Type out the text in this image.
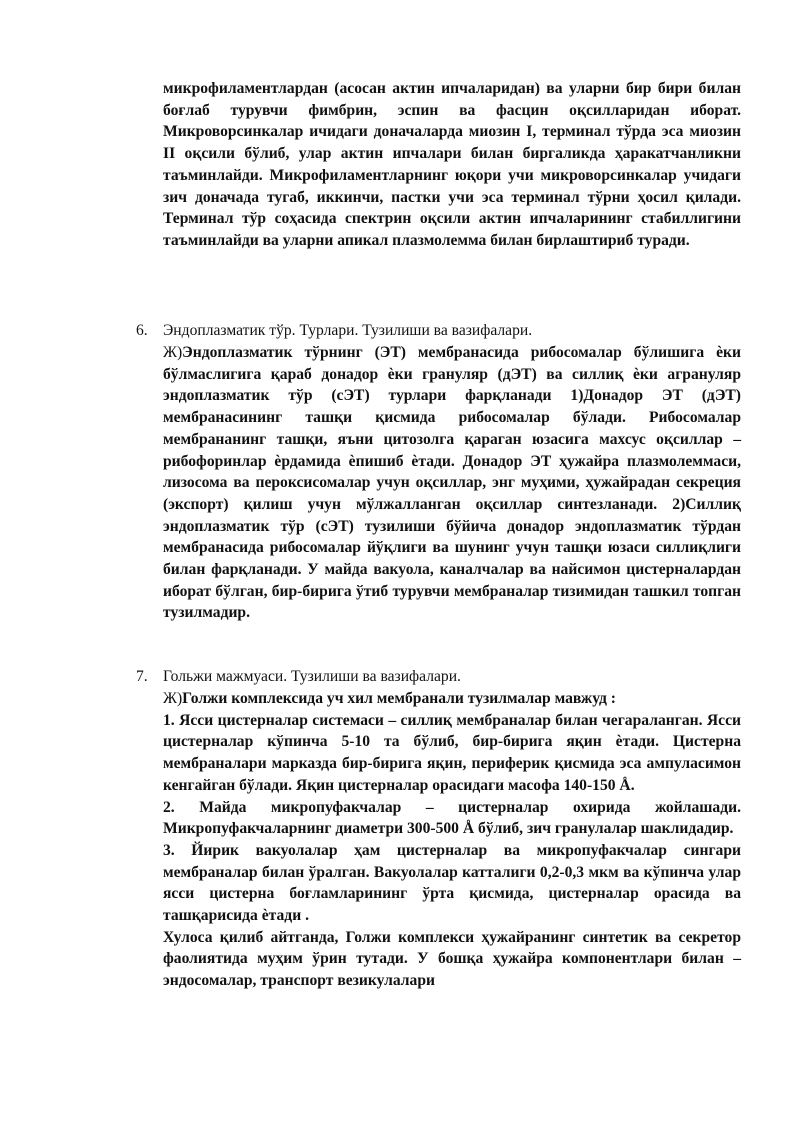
микрофиламентлардан (асосан актин ипчаларидан) ва уларни бир бири билан боғлаб турувчи фимбрин, эспин ва фасцин оқсилларидан иборат. Микроворсинкалар ичидаги доначаларда миозин I, терминал тўрда эса миозин II оқсили бўлиб, улар актин ипчалари билан биргаликда ҳаракатчанликни таъминлайди. Микрофиламентларнинг юқори учи микроворсинкалар учидаги зич доначада тугаб, иккинчи, пастки учи эса терминал тўрни ҳосил қилади. Терминал тўр соҳасида спектрин оқсили актин ипчаларининг стабиллигини таъминлайди ва уларни апикал плазмолемма билан бирлаштириб туради.

6. Эндоплазматик тўр. Турлари. Тузилиши ва вазифалари.

Ж)Эндоплазматик тўрнинг (ЭТ) мембранасида рибосомалар бўлишига ѐки бўлмаслигига қараб донадор ѐки грануляр (дЭТ) ва силлиқ ѐки агрануляр эндоплазматик тўр (сЭТ) турлари фарқланади 1)Донадор ЭТ (дЭТ) мембранасининг ташқи қисмида рибосомалар бўлади. Рибосомалар мембрананинг ташқи, яъни цитозолга қараган юзасига махсус оқсиллар – рибофоринлар ѐрдамида ѐпишиб ѐтади. Донадор ЭТ ҳужайра плазмолеммаси, лизосома ва пероксисомалар учун оқсиллар, энг муҳими, ҳужайрадан секреция (экспорт) қилиш учун мўлжалланган оқсиллар синтезланади. 2)Силлиқ эндоплазматик тўр (сЭТ) тузилиши бўйича донадор эндоплазматик тўрдан мембранасида рибосомалар йўқлиги ва шунинг учун ташқи юзаси силлиқлиги билан фарқланади. У майда вакуола, каналчалар ва найсимон цистерналардан иборат бўлган, бир-бирига ўтиб турувчи мембраналар тизимидан ташкил топган тузилмадир.

7. Гольжи мажмуаси. Тузилиши ва вазифалари.

Ж)Голжи комплексида уч хил мембранали тузилмалар мавжуд :

1. Ясси цистерналар системаси – силлиқ мембраналар билан чегараланган. Ясси цистерналар кўпинча 5-10 та бўлиб, бир-бирига яқин ѐтади. Цистерна мембраналари марказда бир-бирига яқин, периферик қисмида эса ампуласимон кенгайган бўлади. Яқин цистерналар орасидаги масофа 140-150 Å.

2. Майда микропуфакчалар – цистерналар охирида жойлашади. Микропуфакчаларнинг диаметри 300-500 Å бўлиб, зич гранулалар шаклидадир.

3. Йирик вакуолалар ҳам цистерналар ва микропуфакчалар сингари мембраналар билан ўралган. Вакуолалар катталиги 0,2-0,3 мкм ва кўпинча улар ясси цистерна боғламларининг ўрта қисмида, цистерналар орасида ва ташқарисида ѐтади .

Хулоса қилиб айтганда, Голжи комплекси ҳужайранинг синтетик ва секретор фаолиятида муҳим ўрин тутади. У бошқа ҳужайра компонентлари билан – эндосомалар, транспорт везикулалари
